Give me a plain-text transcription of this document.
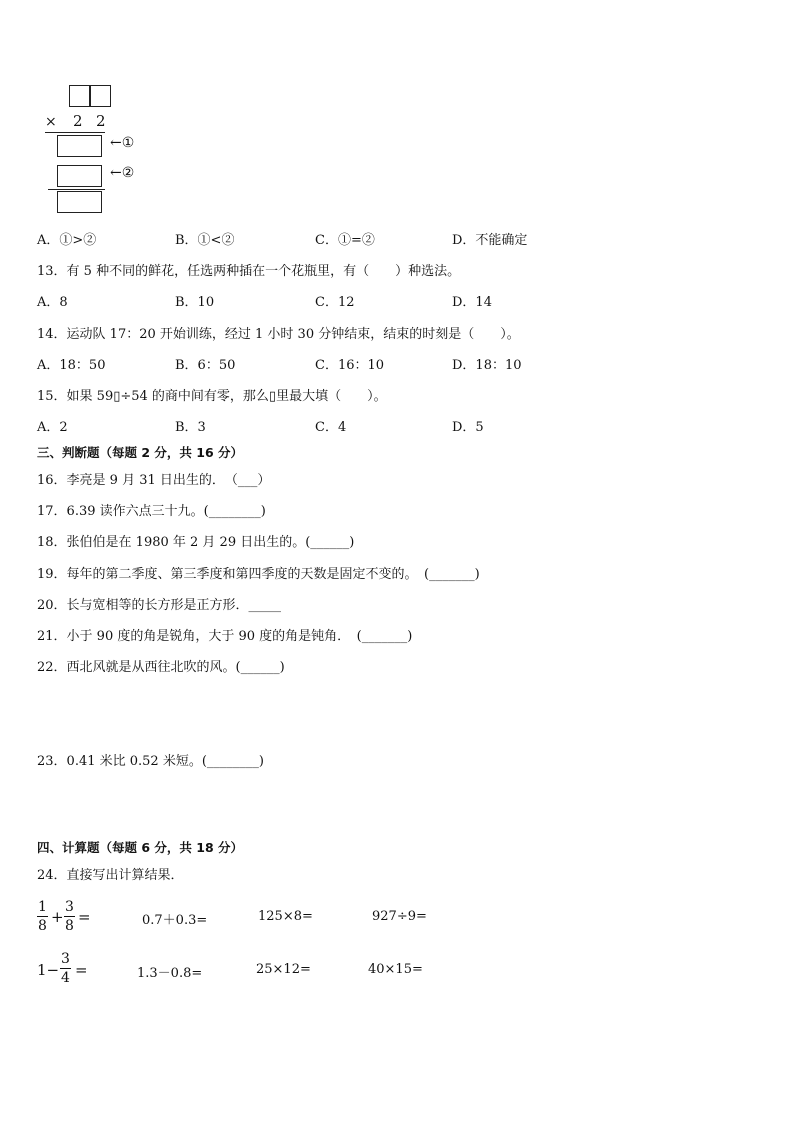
× 2 2
←①
←②
A．①>②	B．①<②	C．①=②	D．不能确定
13．有 5 种不同的鲜花，任选两种插在一个花瓶里，有（　　）种选法。
A．8	B．10	C．12	D．14
14．运动队 17：20 开始训练，经过 1 小时 30 分钟结束，结束的时刻是（　　）。
A．18：50	B．6：50	C．16：10	D．18：10
15．如果 59▯÷54 的商中间有零，那么▯里最大填（　　）。
A．2	B．3	C．4	D．5
三、判断题（每题 2 分，共 16 分）
16．李亮是 9 月 31 日出生的．　（___）
17．6.39 读作六点三十九。(________)
18．张伯伯是在 1980 年 2 月 29 日出生的。(______)
19．每年的第二季度、第三季度和第四季度的天数是固定不变的。　(_______)
20．长与宽相等的长方形是正方形．_____
21．小于 90 度的角是锐角，大于 90 度的角是钝角．　(_______)
22．西北风就是从西往北吹的风。(______)
23．0.41 米比 0.52 米短。(________)
四、计算题（每题 6 分，共 18 分）
24．直接写出计算结果．
1
8 +
3
8 =	0.7＋0.3=	125×8=	927÷9=
1−
3
4 =	1.3－0.8=	25×12=	40×15=
